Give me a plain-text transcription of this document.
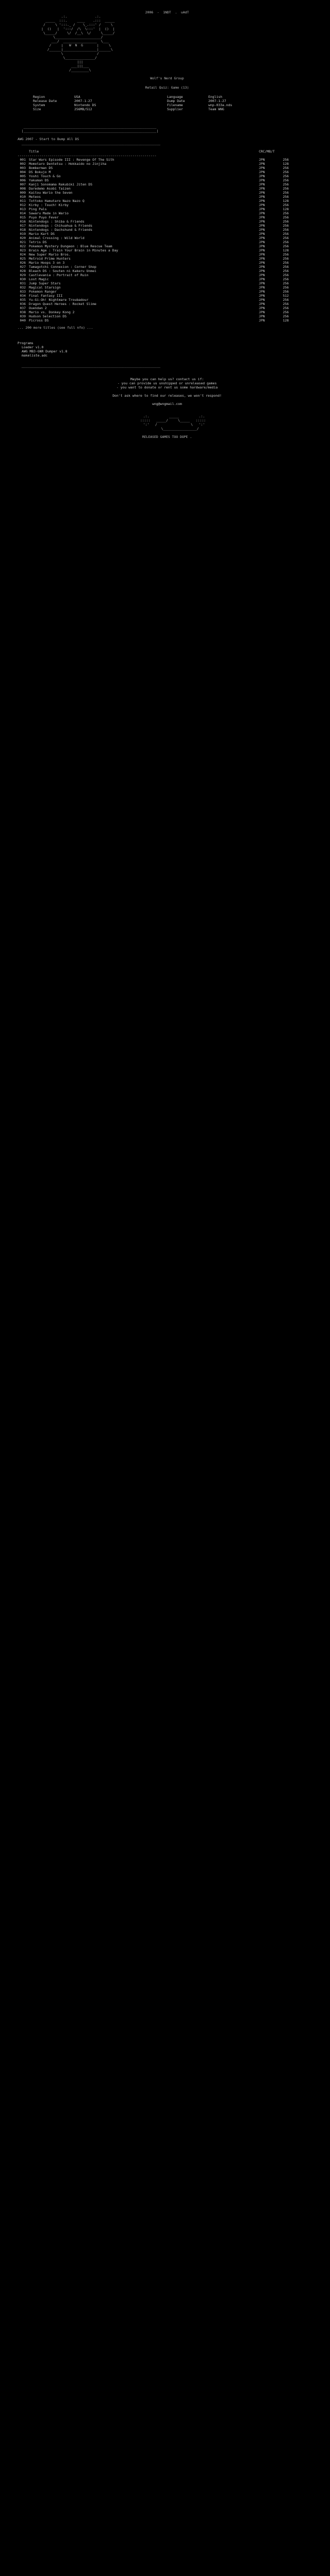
2006  -  1NDT  .  uAdT
.:.              .:.
_____  :::.     ____    .:::  _____
/     \ ':::._ /    \_.:::' /     \
|  ()   |  ':::/  /\  \:::'  |  ()  |
\_____/     \/  /__\  \/     \_____/
\_______________________/
___/  _________________  \___
/     |   W  N  G       |     \
/______|_________________|______\
\                 /
\_______________/
|||
___|||___
/_________\

Wolf's Nerd Group
Retail Quiz: Game (13)
Region	USA
Release Date	2007-1-27
System	Nintendo DS
Size	256MB/512
Language	English
Dump Date	2007-1-27
Filename	wnp-033a.nds
Supplier	Team WNG
___________________________________________________________________
|___________________________________________________________________|

AWG 2007 - Start to Bump All DS
______________________________________________________________________

Title	CRC/MB/T
----------------------------------------------------------------------
001 Star Wars Episode III : Revenge Of The Sith	JPN	256
002 Momotaro Dentetsu : Hokkaido no Jinjiha	JPN	128
003 Bomberman DS	JPN	256
004 DS Bokujo M	JPN	256
005 Yoshi Touch & Go	JPN	256
006 Yakuman DS	JPN	256
007 Kanji Sonomama Rakubiki Jiten DS	JPN	256
008 Daredemo Asobi Taizen	JPN	256
009 Kaitou Wario the Seven	JPN	256
010 Meteos	JPN	256
011 Tottoko Hamutaro Nazo Nazo Q	JPN	128
012 Kirby : Touch! Kirby	JPN	256
013 Ping Pals	JPN	128
014 Sawaru Made in Wario	JPN	256
015 Puyo Puyo Fever	JPN	256
016 Nintendogs : Shiba & Friends	JPN	256
017 Nintendogs : Chihuahua & Friends	JPN	256
018 Nintendogs : Dachshund & Friends	JPN	256
019 Mario Kart DS	JPN	256
020 Animal Crossing : Wild World	JPN	256
021 Tetris DS	JPN	256
022 Pokemon Mystery Dungeon : Blue Rescue Team	JPN	256
023 Brain Age : Train Your Brain in Minutes a Day	JPN	128
024 New Super Mario Bros.	JPN	256
025 Metroid Prime Hunters	JPN	256
026 Mario Hoops 3 on 3	JPN	256
027 Tamagotchi Connexion : Corner Shop	JPN	256
028 Bleach DS : Souten ni Kakeru Unmei	JPN	256
029 Castlevania : Portrait of Ruin	JPN	256
030 Lost Magic	JPN	256
031 Jump Super Stars	JPN	256
032 Magical Starsign	JPN	256
033 Pokemon Ranger	JPN	256
034 Final Fantasy III	JPN	512
035 Yu-Gi-Oh! Nightmare Troubadour	JPN	256
036 Dragon Quest Heroes : Rocket Slime	JPN	256
037 Ouendan 2	JPN	256
038 Mario vs. Donkey Kong 2	JPN	256
039 Hudson Selection DS	JPN	256
040 Picross DS	JPN	128
... 200 more titles (see full nfo) ...
Programs
Loader v1.0
AWG MB3-GNR Dumper v1.8
makeliste.adc
______________________________________________________________________

Maybe you can help us? contact us if:
- you can provide us unshipped or unreleased games
- you want to donate or rent us some hardware/media
Don't ask where to find our releases, we won't respond!
wng@wngmail.com
.:.          _____          .:.
:::::   _____/     \_____   :::::
':'   /                 \   ':'
\_________________/

RELEASED GAMES TOO DOPE .
